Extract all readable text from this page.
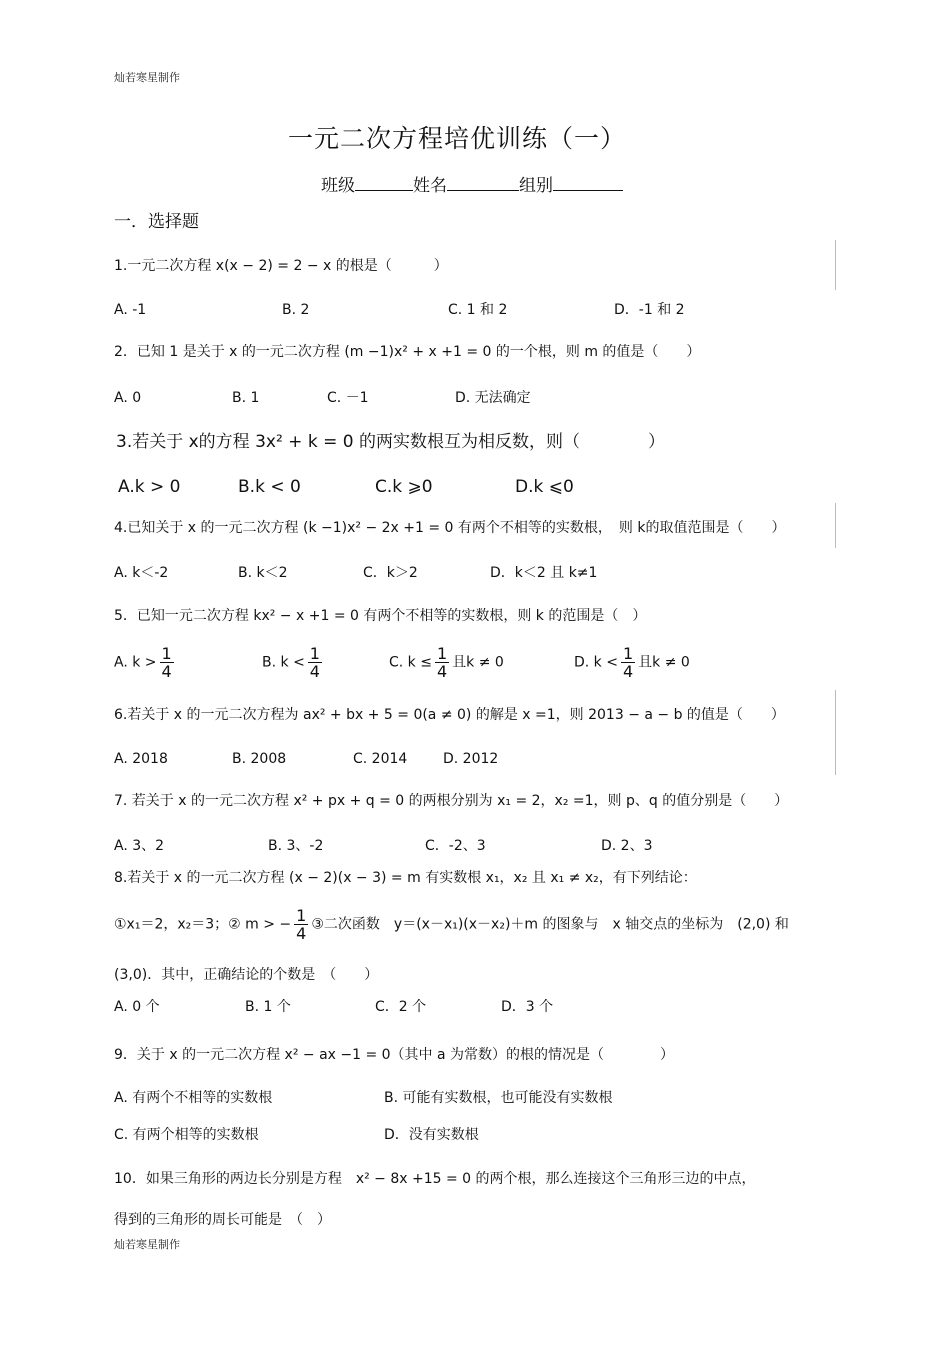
灿若寒星制作
一元二次方程培优训练（一）
班级	姓名	组别
一．选择题
1.一元二次方程 x(x − 2) = 2 − x 的根是（　　　）
A. -1	B. 2	C. 1 和 2	D．-1 和 2
2．已知 1 是关于 x 的一元二次方程 (m −1)x² + x +1 = 0 的一个根，则 m 的值是（　　）
A. 0	B. 1	C. －1	D. 无法确定
3.若关于 x的方程 3x² + k = 0 的两实数根互为相反数，则（　　　　）
A.k > 0	B.k < 0	C.k ⩾0	D.k ⩽0
4.已知关于 x 的一元二次方程 (k −1)x² − 2x +1 = 0 有两个不相等的实数根，　则 k的取值范围是（　　）
A. k＜-2	B. k＜2	C．k＞2	D．k＜2 且 k≠1
5．已知一元二次方程 kx² − x +1 = 0 有两个不相等的实数根，则 k 的范围是（　）
A. $k > \frac{1}{4}$	B. $k < \frac{1}{4}$	C. $k \le \frac{1}{4}$ 且k ≠ 0	D. $k < \frac{1}{4}$ 且k ≠ 0
6.若关于 x 的一元二次方程为 ax² + bx + 5 = 0(a ≠ 0) 的解是 x =1，则 2013 − a − b 的值是（　　）
A. 2018	B. 2008	C. 2014	D. 2012
7. 若关于 x 的一元二次方程 x² + px + q = 0 的两根分别为 x₁ = 2，x₂ =1，则 p、q 的值分别是（　　）
A. 3、2	B. 3、-2	C．-2、3	D. 2、3
8.若关于 x 的一元二次方程 (x − 2)(x − 3) = m 有实数根 x₁，x₂ 且 x₁ ≠ x₂，有下列结论：
①x₁＝2，x₂＝3；② m > − $\frac{1}{4}$ ③二次函数　y＝(x－x₁)(x－x₂)＋m 的图象与　x 轴交点的坐标为　(2,0) 和
(3,0)．其中，正确结论的个数是　（　　）
A. 0 个	B. 1 个	C．2 个	D．3 个
9．关于 x 的一元二次方程 x² − ax −1 = 0（其中 a 为常数）的根的情况是（　　　　）
A. 有两个不相等的实数根	B. 可能有实数根，也可能没有实数根
C. 有两个相等的实数根	D．没有实数根
10．如果三角形的两边长分别是方程　x² − 8x +15 = 0 的两个根，那么连接这个三角形三边的中点，
得到的三角形的周长可能是　（　）
灿若寒星制作
